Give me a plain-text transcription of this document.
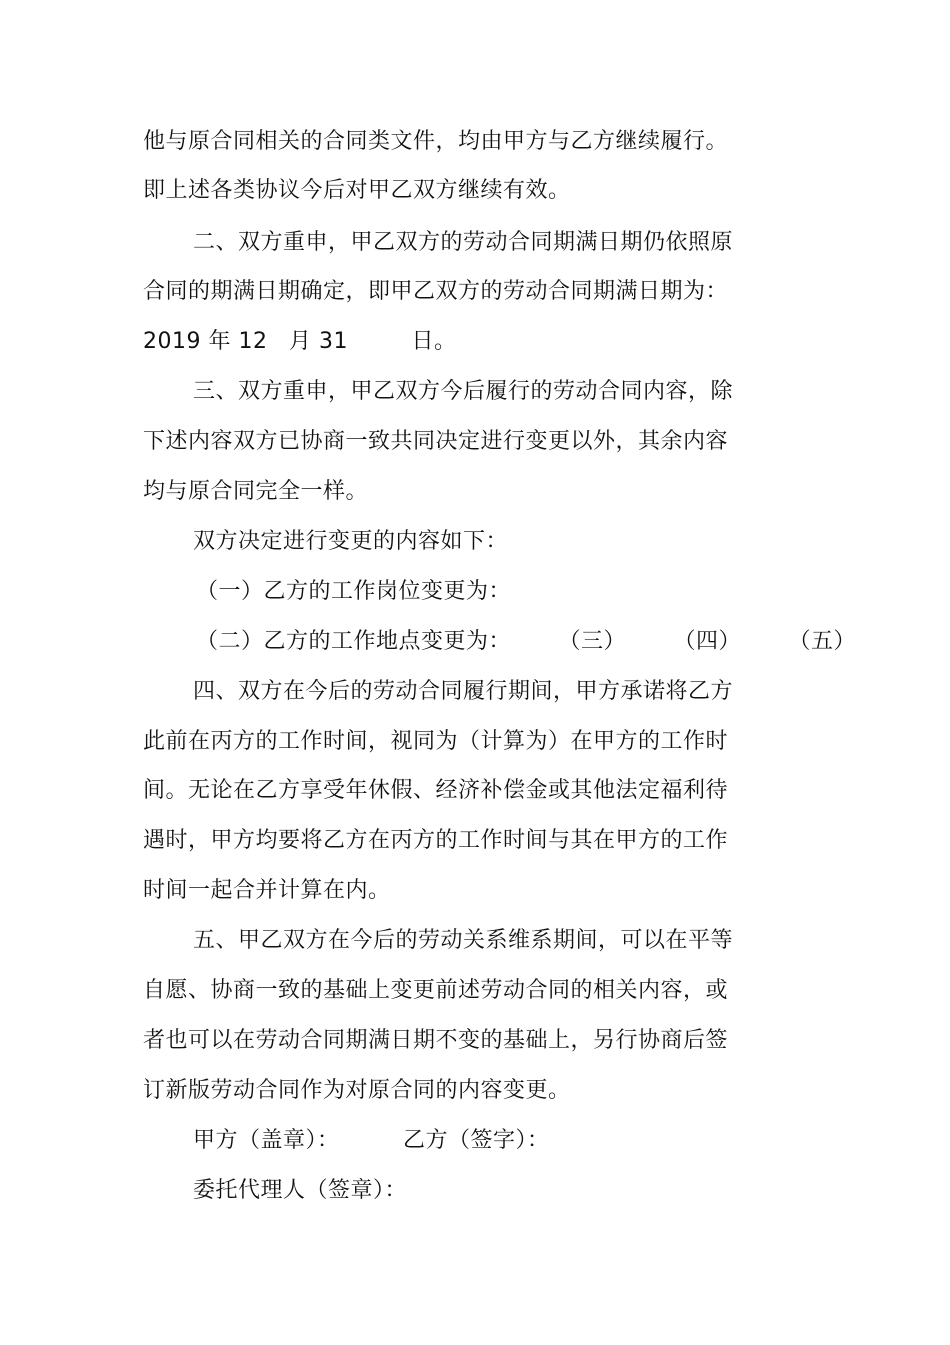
他与原合同相关的合同类文件，均由甲方与乙方继续履行。

即上述各类协议今后对甲乙双方继续有效。

二、双方重申，甲乙双方的劳动合同期满日期仍依照原

合同的期满日期确定，即甲乙双方的劳动合同期满日期为：

2019 年 12 月 31	日。

三、双方重申，甲乙双方今后履行的劳动合同内容，除

下述内容双方已协商一致共同决定进行变更以外，其余内容

均与原合同完全一样。

双方决定进行变更的内容如下：

（一）乙方的工作岗位变更为：

（二）乙方的工作地点变更为： （三） （四） （五）

四、双方在今后的劳动合同履行期间，甲方承诺将乙方

此前在丙方的工作时间，视同为（计算为）在甲方的工作时

间。无论在乙方享受年休假、经济补偿金或其他法定福利待

遇时，甲方均要将乙方在丙方的工作时间与其在甲方的工作

时间一起合并计算在内。

五、甲乙双方在今后的劳动关系维系期间，可以在平等

自愿、协商一致的基础上变更前述劳动合同的相关内容，或

者也可以在劳动合同期满日期不变的基础上，另行协商后签

订新版劳动合同作为对原合同的内容变更。

甲方（盖章）：	乙方（签字）：

委托代理人（签章）：
